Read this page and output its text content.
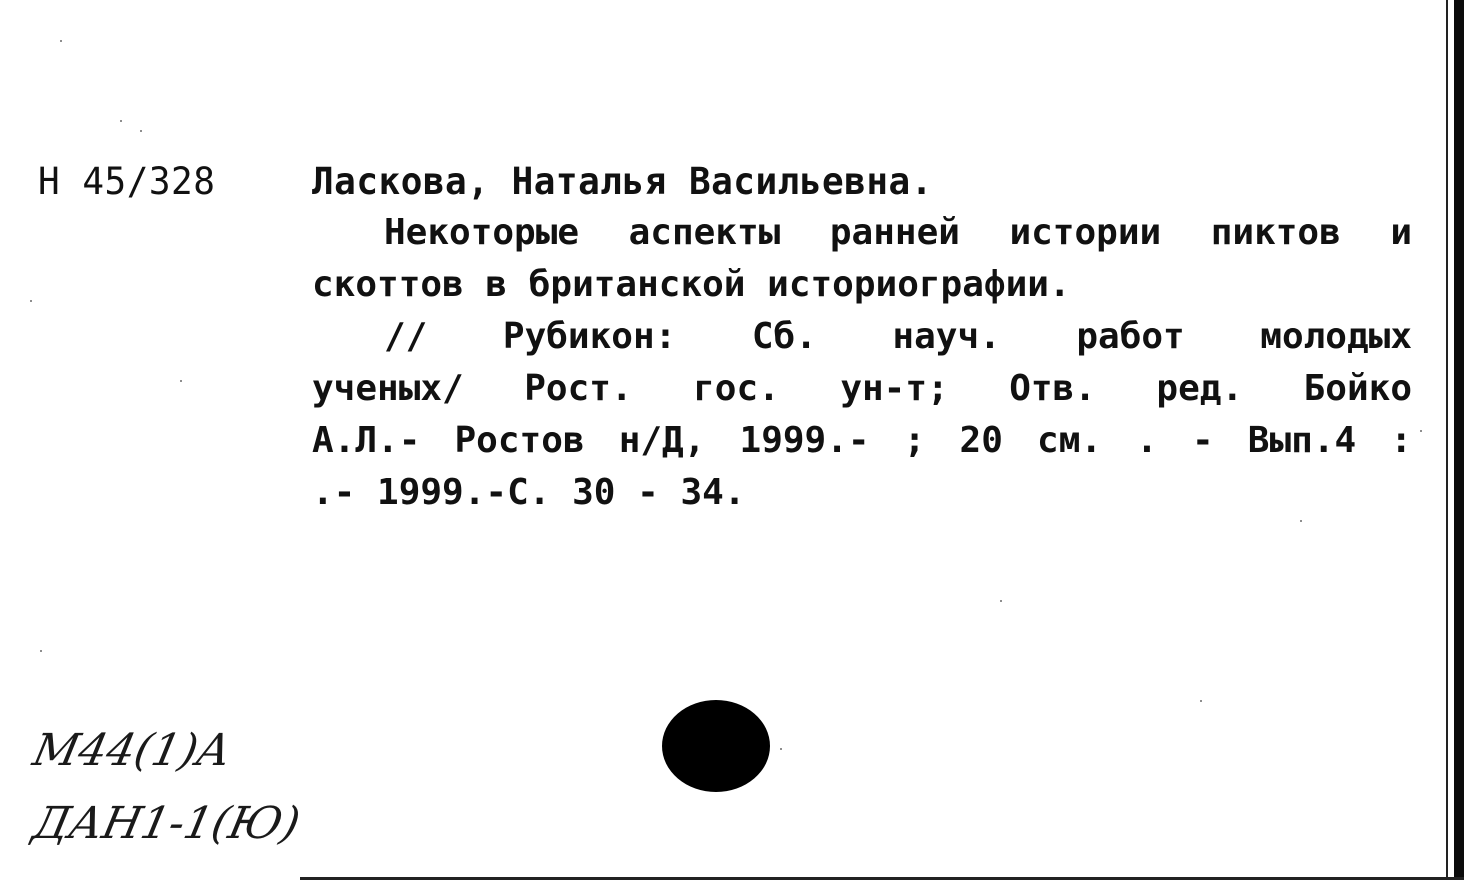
Н 45/328	Ласкова, Наталья Васильевна.
Некоторые аспекты ранней истории пиктов и
скоттов в британской историографии.
// Рубикон: Сб. науч. работ молодых
ученых/ Рост. гос. ун-т; Отв. ред. Бойко
А.Л.- Ростов н/Д, 1999.- ; 20 см. . - Вып.4 :
.- 1999.-С. 30 - 34.
М44(1)А
ДАН1-1(Ю)
